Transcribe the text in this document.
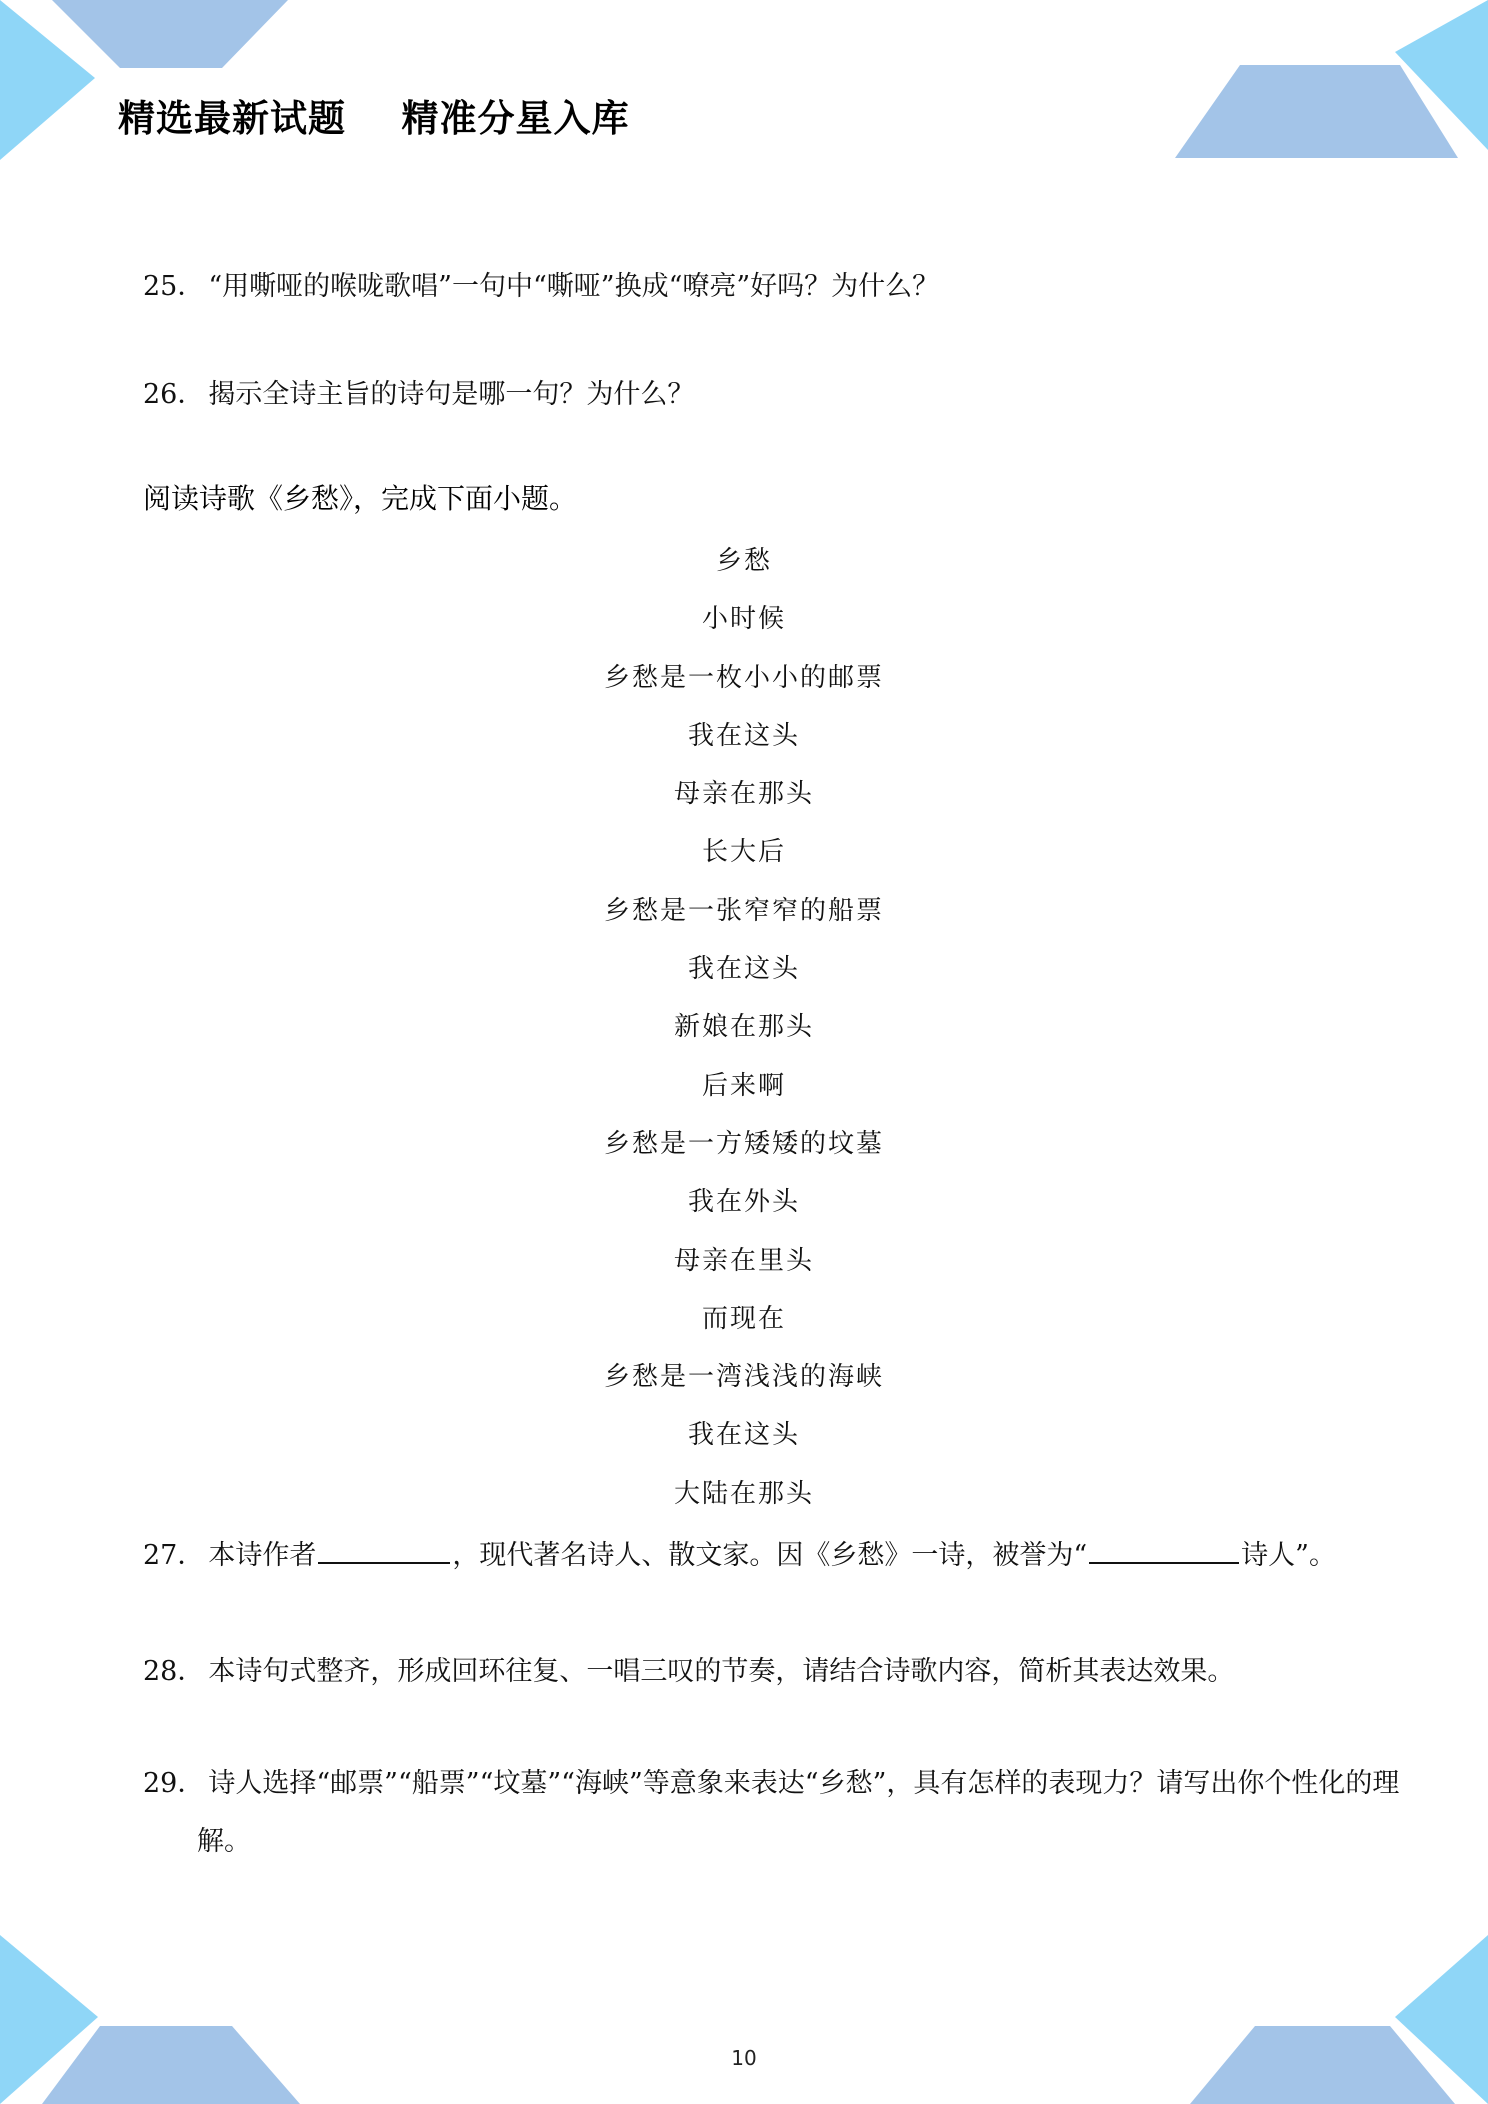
精选最新试题    精准分星入库
25． “用嘶哑的喉咙歌唱”一句中“嘶哑”换成“嘹亮”好吗？为什么？
26． 揭示全诗主旨的诗句是哪一句？为什么？
阅读诗歌《乡愁》，完成下面小题。
乡愁
小时候
乡愁是一枚小小的邮票
我在这头
母亲在那头
长大后
乡愁是一张窄窄的船票
我在这头
新娘在那头
后来啊
乡愁是一方矮矮的坟墓
我在外头
母亲在里头
而现在
乡愁是一湾浅浅的海峡
我在这头
大陆在那头
27． 本诗作者	，现代著名诗人、散文家。因《乡愁》一诗，被誉为“	诗人”。
28． 本诗句式整齐，形成回环往复、一唱三叹的节奏，请结合诗歌内容，简析其表达效果。
29． 诗人选择“邮票”“船票”“坟墓”“海峡”等意象来表达“乡愁”，具有怎样的表现力？请写出你个性化的理解。
10
